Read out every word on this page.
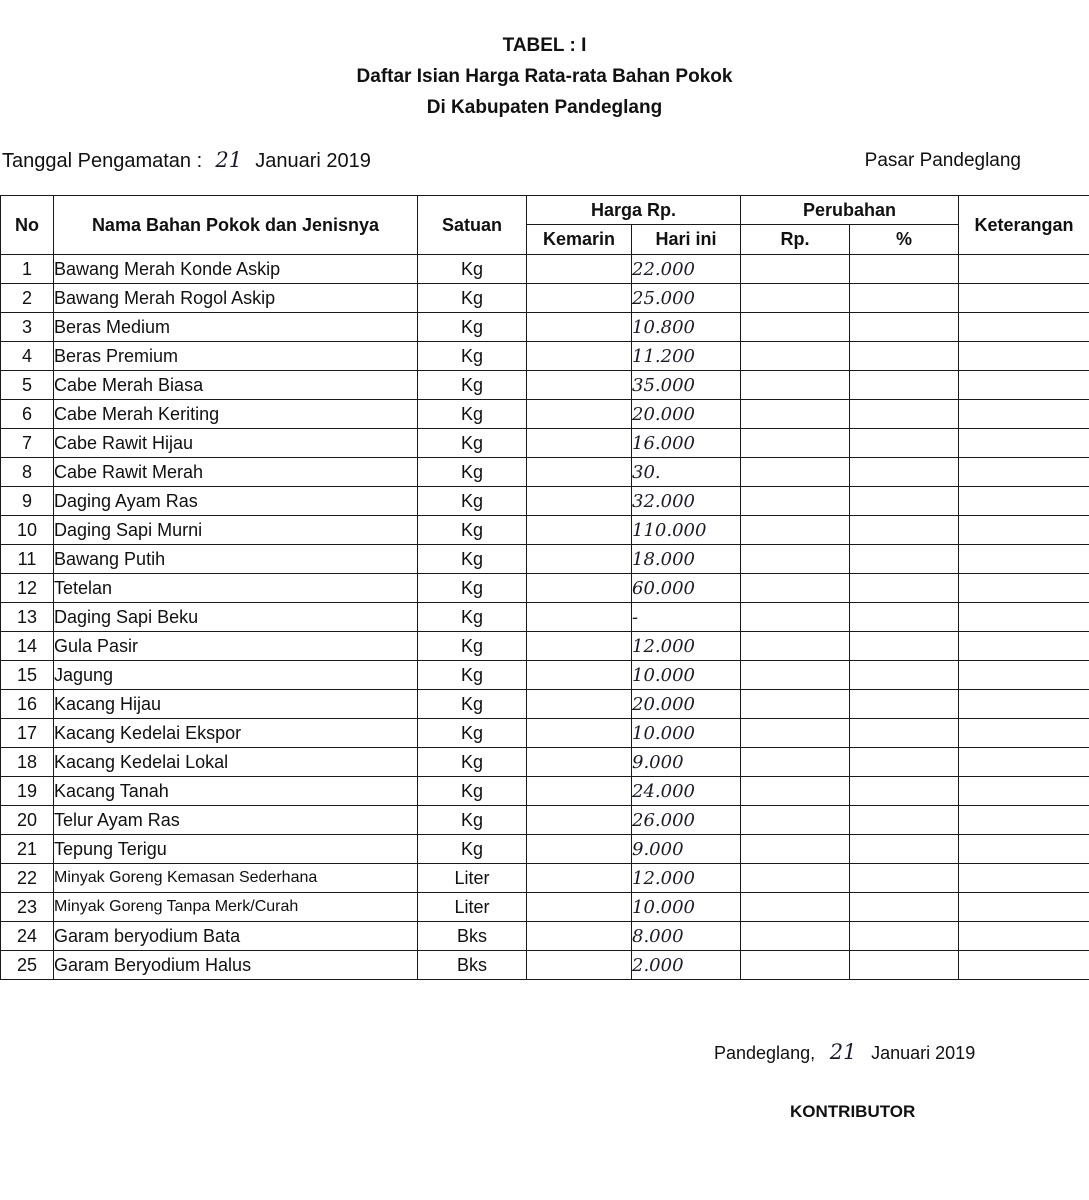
TABEL : I
Daftar Isian Harga Rata-rata Bahan Pokok
Di Kabupaten Pandeglang
Tanggal Pengamatan : 21 Januari 2019	Pasar Pandeglang
No	Nama Bahan Pokok dan Jenisnya	Satuan	Harga Rp.		Perubahan		Keterangan
			Kemarin	Hari ini	Rp.	%	
1	Bawang Merah Konde Askip	Kg		22.000			
2	Bawang Merah Rogol Askip	Kg		25.000			
3	Beras Medium	Kg		10.800			
4	Beras Premium	Kg		11.200			
5	Cabe Merah Biasa	Kg		35.000			
6	Cabe Merah Keriting	Kg		20.000			
7	Cabe Rawit Hijau	Kg		16.000			
8	Cabe Rawit Merah	Kg		30.			
9	Daging Ayam Ras	Kg		32.000			
10	Daging Sapi Murni	Kg		110.000			
11	Bawang Putih	Kg		18.000			
12	Tetelan	Kg		60.000			
13	Daging Sapi Beku	Kg		-			
14	Gula Pasir	Kg		12.000			
15	Jagung	Kg		10.000			
16	Kacang Hijau	Kg		20.000			
17	Kacang Kedelai Ekspor	Kg		10.000			
18	Kacang Kedelai Lokal	Kg		9.000			
19	Kacang Tanah	Kg		24.000			
20	Telur Ayam Ras	Kg		26.000			
21	Tepung Terigu	Kg		9.000			
22	Minyak Goreng Kemasan Sederhana	Liter		12.000			
23	Minyak Goreng Tanpa Merk/Curah	Liter		10.000			
24	Garam beryodium Bata	Bks		8.000			
25	Garam Beryodium Halus	Bks		2.000			
Pandeglang, 21 Januari 2019
KONTRIBUTOR
